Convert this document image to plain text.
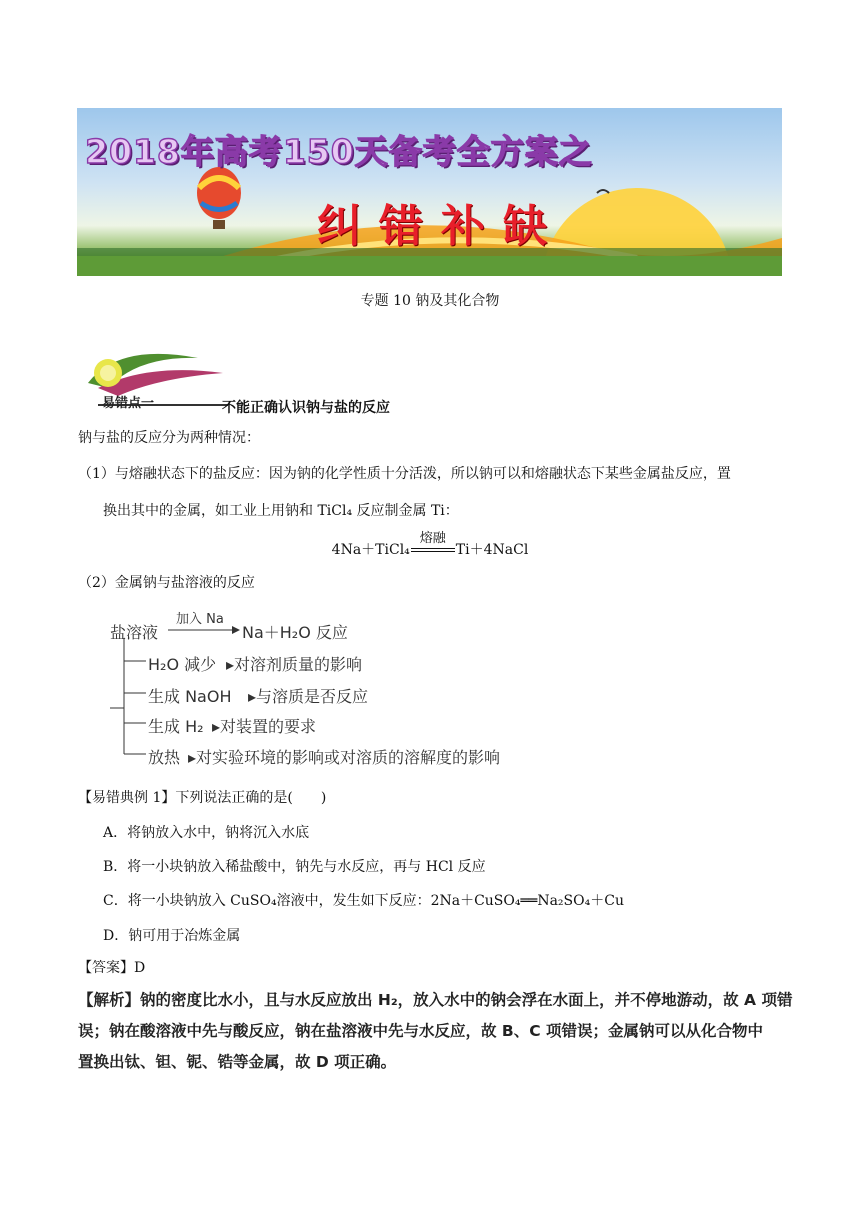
2018年高考150天备考全方案之
纠错补缺
专题 10 钠及其化合物
易错点一	不能正确认识钠与盐的反应
钠与盐的反应分为两种情况：
（1）与熔融状态下的盐反应：因为钠的化学性质十分活泼，所以钠可以和熔融状态下某些金属盐反应，置
换出其中的金属，如工业上用钠和 TiCl₄ 反应制金属 Ti：
4Na＋TiCl₄
熔融
Ti＋4NaCl
（2）金属钠与盐溶液的反应
盐溶液
加入 Na
Na＋H₂O 反应
H₂O 减少 ▸对溶剂质量的影响
生成 NaOH ▸与溶质是否反应
生成 H₂ ▸对装置的要求
放热 ▸对实验环境的影响或对溶质的溶解度的影响
【易错典例 1】下列说法正确的是(　　)
A．将钠放入水中，钠将沉入水底
B．将一小块钠放入稀盐酸中，钠先与水反应，再与 HCl 反应
C．将一小块钠放入 CuSO₄溶液中，发生如下反应：2Na＋CuSO₄══Na₂SO₄＋Cu
D．钠可用于冶炼金属
【答案】D
【解析】钠的密度比水小，且与水反应放出 H₂，放入水中的钠会浮在水面上，并不停地游动，故 A 项错
误；钠在酸溶液中先与酸反应，钠在盐溶液中先与水反应，故 B、C 项错误；金属钠可以从化合物中
置换出钛、钽、铌、锆等金属，故 D 项正确。
